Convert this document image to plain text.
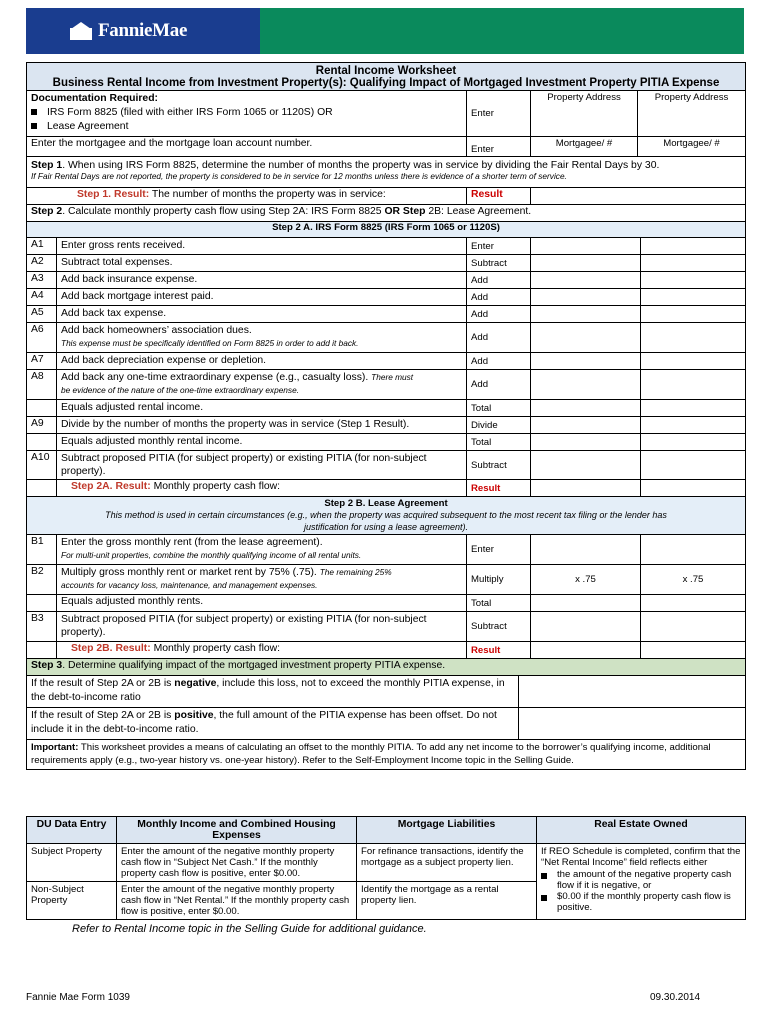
FannieMae
Rental Income Worksheet
Business Rental Income from Investment Property(s): Qualifying Impact of Mortgaged Investment Property PITIA Expense
Documentation Required:
IRS Form 8825 (filed with either IRS Form 1065 or 1120S) OR
Lease Agreement
Enter
Property Address	Property Address
Enter the mortgagee and the mortgage loan account number.
Enter
Mortgagee/ #	Mortgagee/ #
Step 1. When using IRS Form 8825, determine the number of months the property was in service by dividing the Fair Rental Days by 30.
If Fair Rental Days are not reported, the property is considered to be in service for 12 months unless there is evidence of a shorter term of service.
Step 1. Result: The number of months the property was in service:	Result
Step 2. Calculate monthly property cash flow using Step 2A: IRS Form 8825 OR Step 2B: Lease Agreement.
Step 2 A. IRS Form 8825 (IRS Form 1065 or 1120S)
A1	Enter gross rents received.	Enter
A2	Subtract total expenses.	Subtract
A3	Add back insurance expense.	Add
A4	Add back mortgage interest paid.	Add
A5	Add back tax expense.	Add
A6	Add back homeowners’ association dues.
This expense must be specifically identified on Form 8825 in order to add it back.	Add
A7	Add back depreciation expense or depletion.	Add
A8	Add back any one-time extraordinary expense (e.g., casualty loss). There must
be evidence of the nature of the one-time extraordinary expense.	Add
Equals adjusted rental income.	Total
A9	Divide by the number of months the property was in service (Step 1 Result).	Divide
Equals adjusted monthly rental income.	Total
A10	Subtract proposed PITIA (for subject property) or existing PITIA (for non-subject property).
Subtract
Step 2A. Result: Monthly property cash flow:	Result
Step 2 B. Lease Agreement
This method is used in certain circumstances (e.g., when the property was acquired subsequent to the most recent tax filing or the lender has justification for using a lease agreement).
B1	Enter the gross monthly rent (from the lease agreement).
For multi-unit properties, combine the monthly qualifying income of all rental units.	Enter
B2	Multiply gross monthly rent or market rent by 75% (.75). The remaining 25%
accounts for vacancy loss, maintenance, and management expenses.	Multiply	x .75	x .75
Equals adjusted monthly rents.	Total
B3	Subtract proposed PITIA (for subject property) or existing PITIA (for non-subject property).
Subtract
Step 2B. Result: Monthly property cash flow:	Result
Step 3. Determine qualifying impact of the mortgaged investment property PITIA expense.
If the result of Step 2A or 2B is negative, include this loss, not to exceed the monthly PITIA expense, in the debt-to-income ratio
If the result of Step 2A or 2B is positive, the full amount of the PITIA expense has been offset. Do not include it in the debt-to-income ratio.
Important: This worksheet provides a means of calculating an offset to the monthly PITIA. To add any net income to the borrower’s qualifying income, additional requirements apply (e.g., two-year history vs. one-year history). Refer to the Self-Employment Income topic in the Selling Guide.
DU Data Entry	Monthly Income and Combined Housing Expenses	Mortgage Liabilities	Real Estate Owned
Subject Property	Enter the amount of the negative monthly property cash flow in “Subject Net Cash.” If the monthly property cash flow is positive, enter $0.00.	For refinance transactions, identify the mortgage as a subject property lien.	If REO Schedule is completed, confirm that the “Net Rental Income” field reflects either
the amount of the negative property cash flow if it is negative, or
$0.00 if the monthly property cash flow is positive.

Non-Subject Property	Enter the amount of the negative monthly property cash flow in “Net Rental.” If the monthly property cash flow is positive, enter $0.00.	Identify the mortgage as a rental property lien.	
Refer to Rental Income topic in the Selling Guide for additional guidance.
Fannie Mae Form 1039	09.30.2014
